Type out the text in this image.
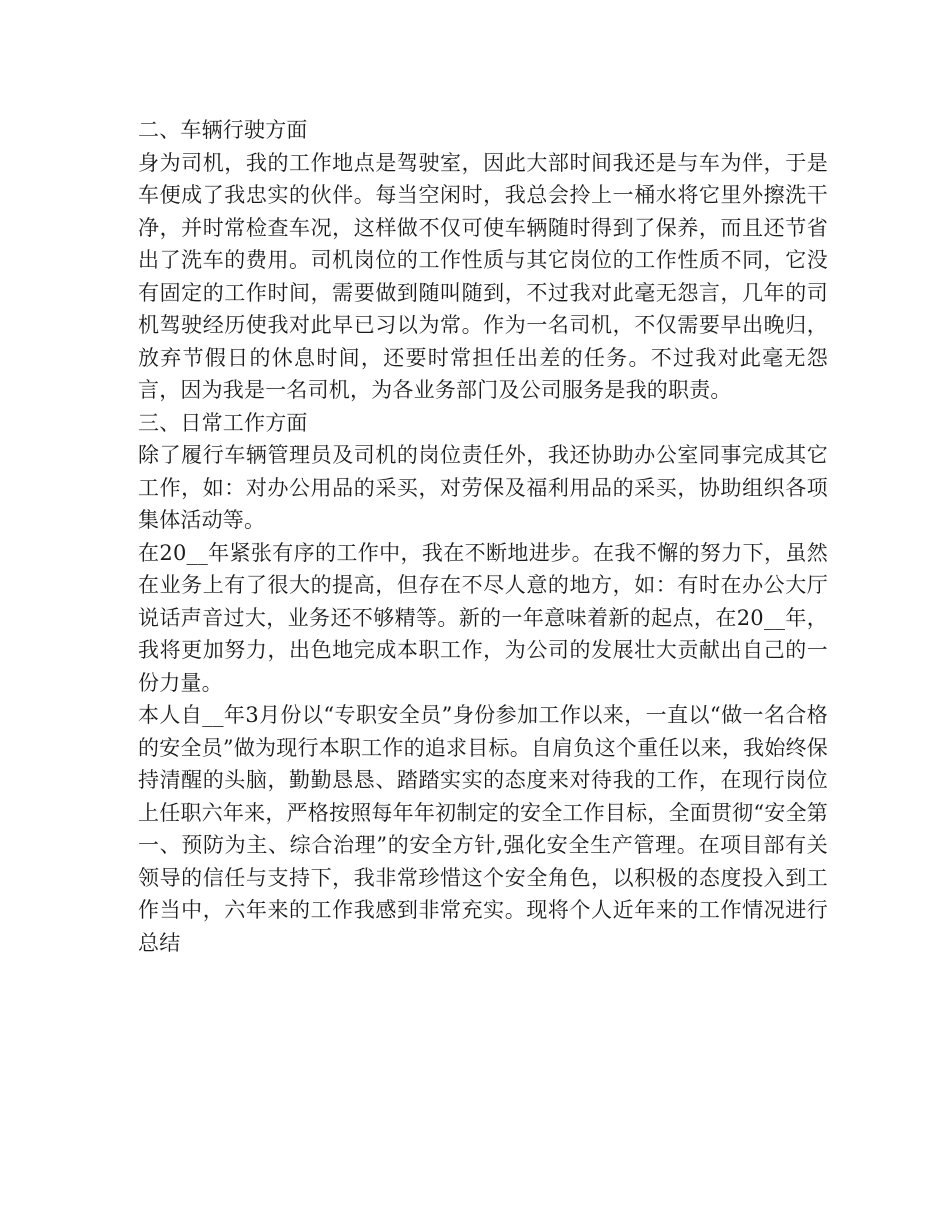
二、车辆行驶方面

身为司机，我的工作地点是驾驶室，因此大部时间我还是与车为伴，于是车便成了我忠实的伙伴。每当空闲时，我总会拎上一桶水将它里外擦洗干净，并时常检查车况，这样做不仅可使车辆随时得到了保养，而且还节省出了洗车的费用。司机岗位的工作性质与其它岗位的工作性质不同，它没有固定的工作时间，需要做到随叫随到，不过我对此毫无怨言，几年的司机驾驶经历使我对此早已习以为常。作为一名司机，不仅需要早出晚归，放弃节假日的休息时间，还要时常担任出差的任务。不过我对此毫无怨言，因为我是一名司机，为各业务部门及公司服务是我的职责。

三、日常工作方面

除了履行车辆管理员及司机的岗位责任外，我还协助办公室同事完成其它工作，如：对办公用品的采买，对劳保及福利用品的采买，协助组织各项集体活动等。

在20__年紧张有序的工作中，我在不断地进步。在我不懈的努力下，虽然在业务上有了很大的提高，但存在不尽人意的地方，如：有时在办公大厅说话声音过大，业务还不够精等。新的一年意味着新的起点，在20__年，我将更加努力，出色地完成本职工作，为公司的发展壮大贡献出自己的一份力量。

本人自__年3月份以“专职安全员”身份参加工作以来，一直以“做一名合格的安全员”做为现行本职工作的追求目标。自肩负这个重任以来，我始终保持清醒的头脑，勤勤恳恳、踏踏实实的态度来对待我的工作，在现行岗位上任职六年来，严格按照每年年初制定的安全工作目标，全面贯彻“安全第一、预防为主、综合治理”的安全方针,强化安全生产管理。在项目部有关领导的信任与支持下，我非常珍惜这个安全角色，以积极的态度投入到工作当中，六年来的工作我感到非常充实。现将个人近年来的工作情况进行总结
